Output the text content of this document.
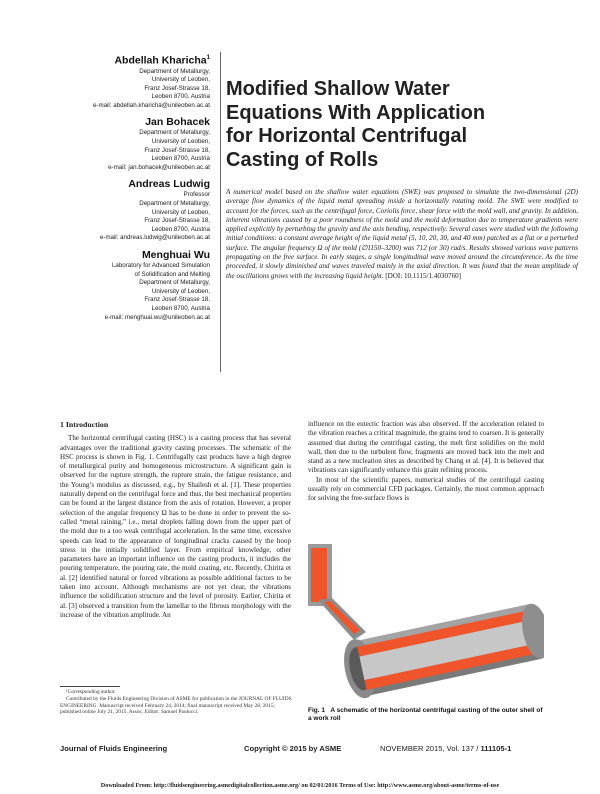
Abdellah Kharicha$^1$
Department of Metallurgy,
University of Leoben,
Franz Josef-Strasse 18,
Leoben 8700, Austria
e-mail: abdellah.kharicha@unileoben.ac.at
Jan Bohacek
Department of Metallurgy,
University of Leoben,
Franz Josef-Strasse 18,
Leoben 8700, Austria
e-mail: jan.bohacek@unileoben.ac.at
Andreas Ludwig
Professor
Department of Metallurgy,
University of Leoben,
Franz Josef-Strasse 18,
Leoben 8700, Austria
e-mail: andreas.ludwig@unileoben.ac.at
Menghuai Wu
Laboratory for Advanced Simulation
of Solidification and Melting
Department of Metallurgy,
University of Leoben,
Franz Josef-Strasse 18,
Leoben 8700, Austria
e-mail: menghuai.wu@unileoben.ac.at
Modified Shallow Water
Equations With Application
for Horizontal Centrifugal
Casting of Rolls
A numerical model based on the shallow water equations (SWE) was proposed to simulate the two-dimensional (2D) average flow dynamics of the liquid metal spreading inside a horizontally rotating mold. The SWE were modified to account for the forces, such as the centrifugal force, Coriolis force, shear force with the mold wall, and gravity. In addition, inherent vibrations caused by a poor roundness of the mold and the mold deformation due to temperature gradients were applied explicitly by perturbing the gravity and the axis bending, respectively. Several cases were studied with the following initial conditions: a constant average height of the liquid metal (5, 10, 20, 30, and 40 mm) patched as a flat or a perturbed surface. The angular frequency Ω of the mold (∅1150–3200) was 712 (or 30) rad/s. Results showed various wave patterns propagating on the free surface. In early stages, a single longitudinal wave moved around the circumference. As the time proceeded, it slowly diminished and waves traveled mainly in the axial direction. It was found that the mean amplitude of the oscillations grows with the increasing liquid height. [DOI: 10.1115/1.4030760]
1 Introduction

The horizontal centrifugal casting (HSC) is a casting process that has several advantages over the traditional gravity casting processes. The schematic of the HSC process is shown in Fig. 1. Centrifugally cast products have a high degree of metallurgical purity and homogeneous microstructure. A significant gain is observed for the rupture strength, the rupture strain, the fatigue resistance, and the Young’s modulus as discussed, e.g., by Shailesh et al. [1]. These properties naturally depend on the centrifugal force and thus, the best mechanical properties can be found at the largest distance from the axis of rotation. However, a proper selection of the angular frequency Ω has to be done in order to prevent the so-called “metal raining,” i.e., metal droplets falling down from the upper part of the mold due to a too weak centrifugal acceleration. In the same time, excessive speeds can lead to the appearance of longitudinal cracks caused by the hoop stress in the initially solidified layer. From empirical knowledge, other parameters have an important influence on the casting products, it includes the pouring temperature, the pouring rate, the mold coating, etc. Recently, Chirita et al. [2] identified natural or forced vibrations as possible additional factors to be taken into account. Although mechanisms are not yet clear, the vibrations influence the solidification structure and the level of porosity. Earlier, Chirita et al. [3] observed a transition from the lamellar to the fibrous morphology with the increase of the vibration amplitude. An

influence on the eutectic fraction was also observed. If the acceleration related to the vibration reaches a critical magnitude, the grains tend to coarsen. It is generally assumed that during the centrifugal casting, the melt first solidifies on the mold wall, then due to the turbulent flow, fragments are moved back into the melt and stand as a new nucleation sites as described by Chang et al. [4]. It is believed that vibrations can significantly enhance this grain refining process.

In most of the scientific papers, numerical studies of the centrifugal casting usually rely on commercial CFD packages. Certainly, the most common approach for solving the free-surface flows is

¹Corresponding author.

Contributed by the Fluids Engineering Division of ASME for publication in the JOURNAL OF FLUIDS ENGINEERING. Manuscript received February 24, 2014; final manuscript received May 28, 2015; published online July 21, 2015. Assoc. Editor: Samuel Paolucci.	Fig. 1 A schematic of the horizontal centrifugal casting of the outer shell of a work roll
Journal of Fluids Engineering	Copyright © 2015 by ASME	NOVEMBER 2015, Vol. 137 / 111105-1
Downloaded From: http://fluidsengineering.asmedigitalcollection.asme.org/ on 02/01/2016 Terms of Use: http://www.asme.org/about-asme/terms-of-use
